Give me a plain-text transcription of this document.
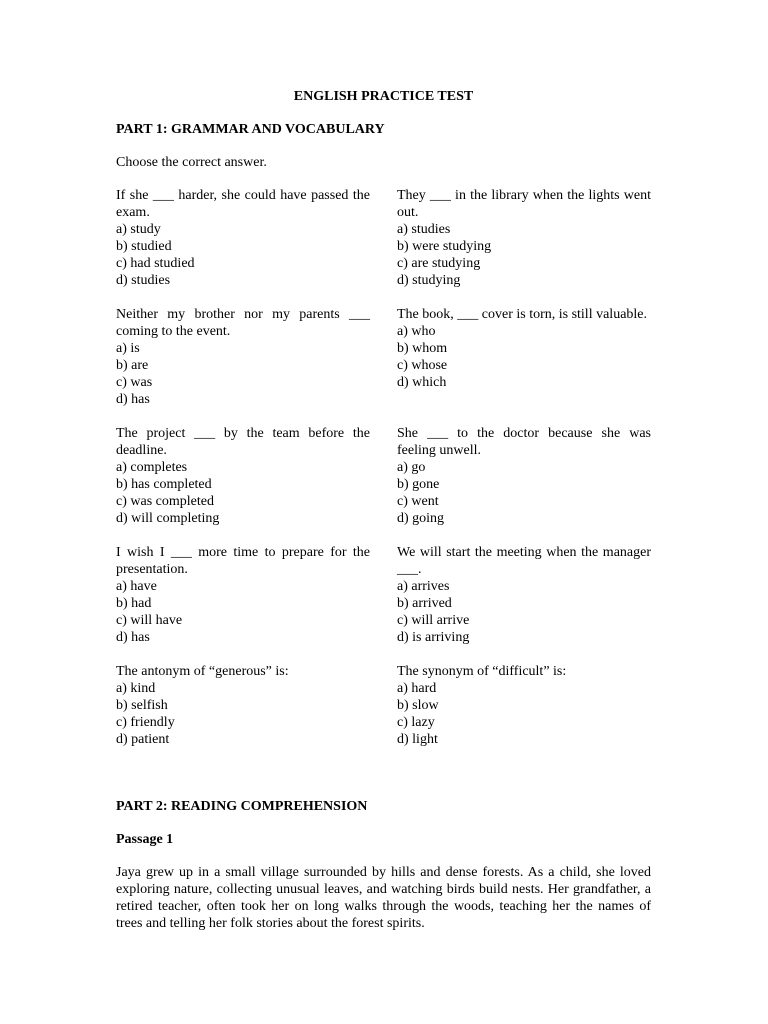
ENGLISH PRACTICE TEST

PART 1: GRAMMAR AND VOCABULARY

Choose the correct answer.

If she ___ harder, she could have passed the exam.
a) study
b) studied
c) had studied
d) studies
They ___ in the library when the lights went out.
a) studies
b) were studying
c) are studying
d) studying
Neither my brother nor my parents ___ coming to the event.
a) is
b) are
c) was
d) has
The book, ___ cover is torn, is still valuable.
a) who
b) whom
c) whose
d) which
The project ___ by the team before the deadline.
a) completes
b) has completed
c) was completed
d) will completing
She ___ to the doctor because she was feeling unwell.
a) go
b) gone
c) went
d) going
I wish I ___ more time to prepare for the presentation.
a) have
b) had
c) will have
d) has
We will start the meeting when the manager ___.
a) arrives
b) arrived
c) will arrive
d) is arriving
The antonym of “generous” is:
a) kind
b) selfish
c) friendly
d) patient
The synonym of “difficult” is:
a) hard
b) slow
c) lazy
d) light

PART 2: READING COMPREHENSION

Passage 1

Jaya grew up in a small village surrounded by hills and dense forests. As a child, she loved exploring nature, collecting unusual leaves, and watching birds build nests. Her grandfather, a retired teacher, often took her on long walks through the woods, teaching her the names of trees and telling her folk stories about the forest spirits.
